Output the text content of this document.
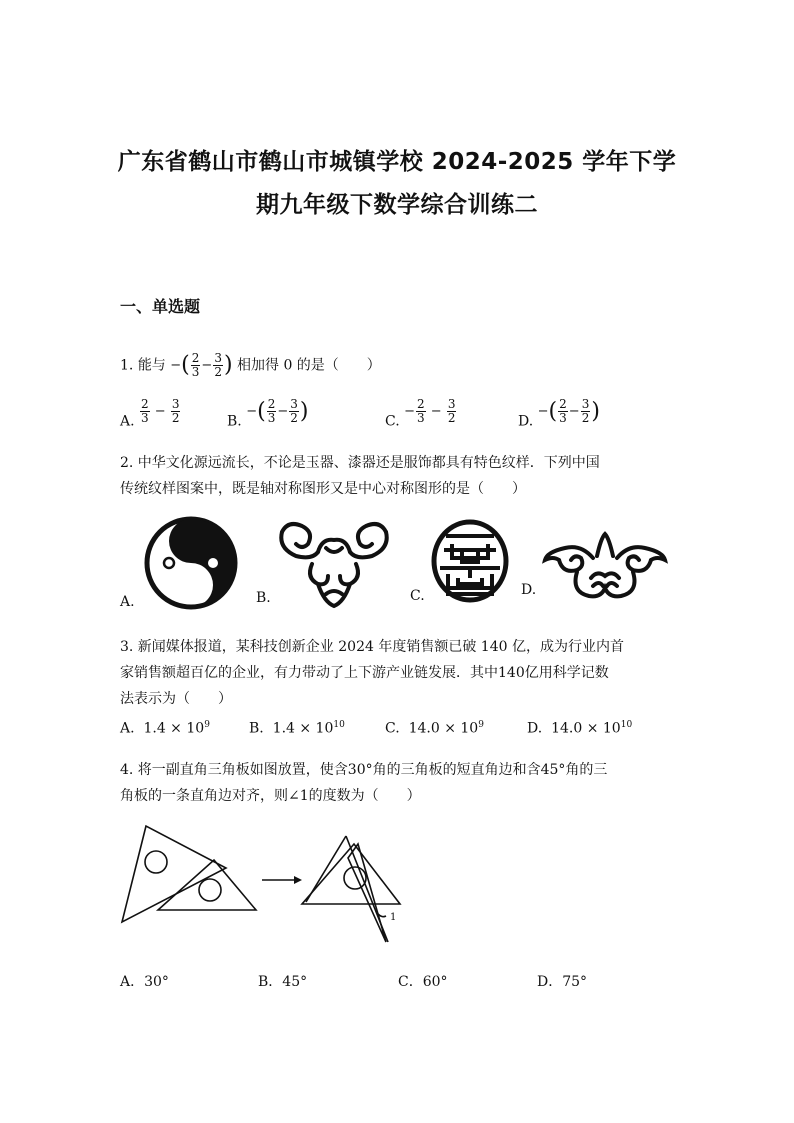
广东省鹤山市鹤山市城镇学校 2024-2025 学年下学
期九年级下数学综合训练二
一、单选题
1. 能与 −( $\frac{2}{3} - \frac{3}{2}$ ) 相加得 0 的是（　　）
A. $\frac{2}{3} - \frac{3}{2}$	B. −( $\frac{2}{3} - \frac{3}{2}$ )	C. − $\frac{2}{3} - \frac{3}{2}$	D. −( $\frac{2}{3} - \frac{3}{2}$ )
2. 中华文化源远流长，不论是玉器、漆器还是服饰都具有特色纹样．下列中国
传统纹样图案中，既是轴对称图形又是中心对称图形的是（　　）
A.	B.	C.	D.
3. 新闻媒体报道，某科技创新企业 2024 年度销售额已破 140 亿，成为行业内首
家销售额超百亿的企业，有力带动了上下游产业链发展．其中140亿用科学记数
法表示为（　　）
A. $1.4 \times 10^9$	B. $1.4 \times 10^{10}$	C. $14.0 \times 10^9$	D. $14.0 \times 10^{10}$
4. 将一副直角三角板如图放置，使含30°角的三角板的短直角边和含45°角的三
角板的一条直角边对齐，则∠1的度数为（　　）
1
A．30°	B．45°	C．60°	D．75°
